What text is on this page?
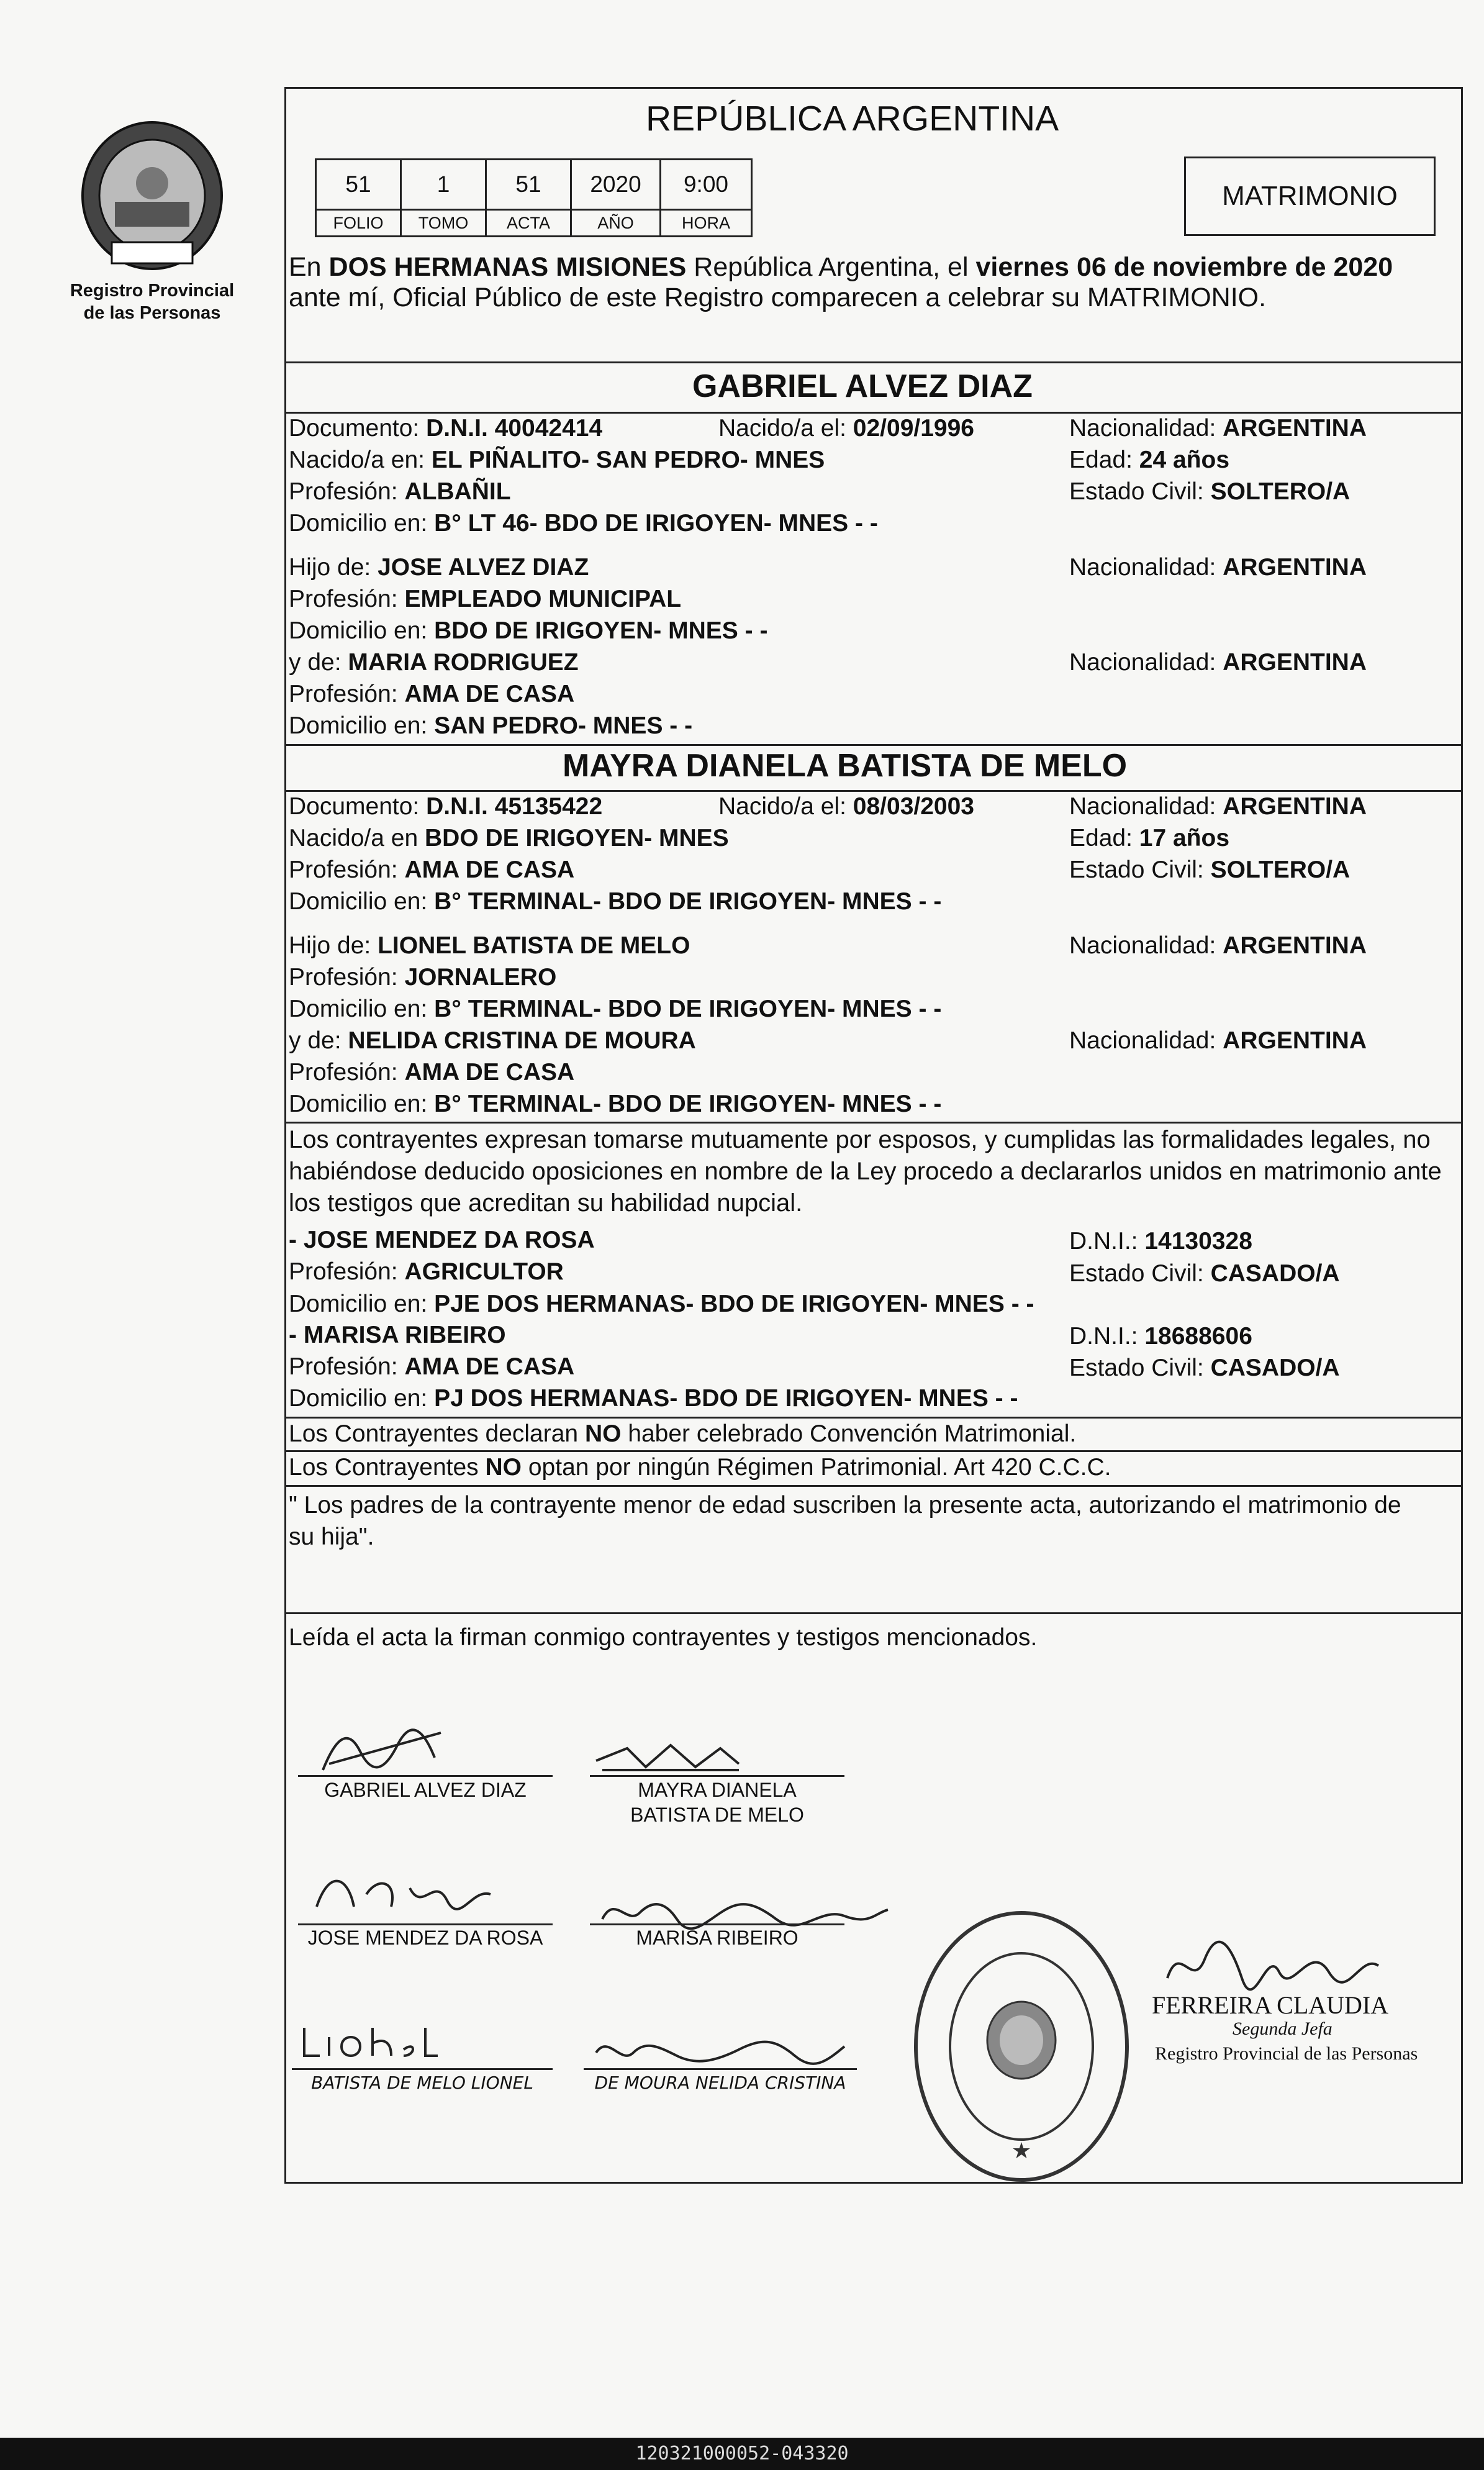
Registro Provincial
de las Personas
REPÚBLICA ARGENTINA
51	1	51	2020	9:00
FOLIO	TOMO	ACTA	AÑO	HORA
MATRIMONIO
En DOS HERMANAS MISIONES República Argentina, el viernes 06 de noviembre de 2020
ante mí, Oficial Público de este Registro comparecen a celebrar su MATRIMONIO.
GABRIEL ALVEZ DIAZ
Documento: D.N.I. 40042414	Nacido/a el: 02/09/1996	Nacionalidad: ARGENTINA
Nacido/a en: EL PIÑALITO- SAN PEDRO- MNES	Edad: 24 años
Profesión: ALBAÑIL	Estado Civil: SOLTERO/A
Domicilio en: B° LT 46- BDO DE IRIGOYEN- MNES - -
Hijo de: JOSE ALVEZ DIAZ	Nacionalidad: ARGENTINA
Profesión: EMPLEADO MUNICIPAL
Domicilio en: BDO DE IRIGOYEN- MNES - -
y de: MARIA RODRIGUEZ	Nacionalidad: ARGENTINA
Profesión: AMA DE CASA
Domicilio en: SAN PEDRO- MNES - -
MAYRA DIANELA BATISTA DE MELO
Documento: D.N.I. 45135422	Nacido/a el: 08/03/2003	Nacionalidad: ARGENTINA
Nacido/a en BDO DE IRIGOYEN- MNES	Edad: 17 años
Profesión: AMA DE CASA	Estado Civil: SOLTERO/A
Domicilio en: B° TERMINAL- BDO DE IRIGOYEN- MNES - -
Hijo de: LIONEL BATISTA DE MELO	Nacionalidad: ARGENTINA
Profesión: JORNALERO
Domicilio en: B° TERMINAL- BDO DE IRIGOYEN- MNES - -
y de: NELIDA CRISTINA DE MOURA	Nacionalidad: ARGENTINA
Profesión: AMA DE CASA
Domicilio en: B° TERMINAL- BDO DE IRIGOYEN- MNES - -
Los contrayentes expresan tomarse mutuamente por esposos, y cumplidas las formalidades legales, no
habiéndose deducido oposiciones en nombre de la Ley procedo a declararlos unidos en matrimonio ante
los testigos que acreditan su habilidad nupcial.
- JOSE MENDEZ DA ROSA	D.N.I.: 14130328
Profesión: AGRICULTOR	Estado Civil: CASADO/A
Domicilio en: PJE DOS HERMANAS- BDO DE IRIGOYEN- MNES - -
- MARISA RIBEIRO	D.N.I.: 18688606
Profesión: AMA DE CASA	Estado Civil: CASADO/A
Domicilio en: PJ DOS HERMANAS- BDO DE IRIGOYEN- MNES - -
Los Contrayentes declaran NO haber celebrado Convención Matrimonial.
Los Contrayentes NO optan por ningún Régimen Patrimonial. Art 420 C.C.C.
" Los padres de la contrayente menor de edad suscriben la presente acta, autorizando el matrimonio de
su hija".
Leída el acta la firman conmigo contrayentes y testigos mencionados.
GABRIEL ALVEZ DIAZ	MAYRA DIANELA
BATISTA DE MELO
JOSE MENDEZ DA ROSA	MARISA RIBEIRO
BATISTA DE MELO LIONEL	DE MOURA NELIDA CRISTINA
★
FERREIRA CLAUDIA
Segunda Jefa
Registro Provincial de las Personas
120321000052-043320
